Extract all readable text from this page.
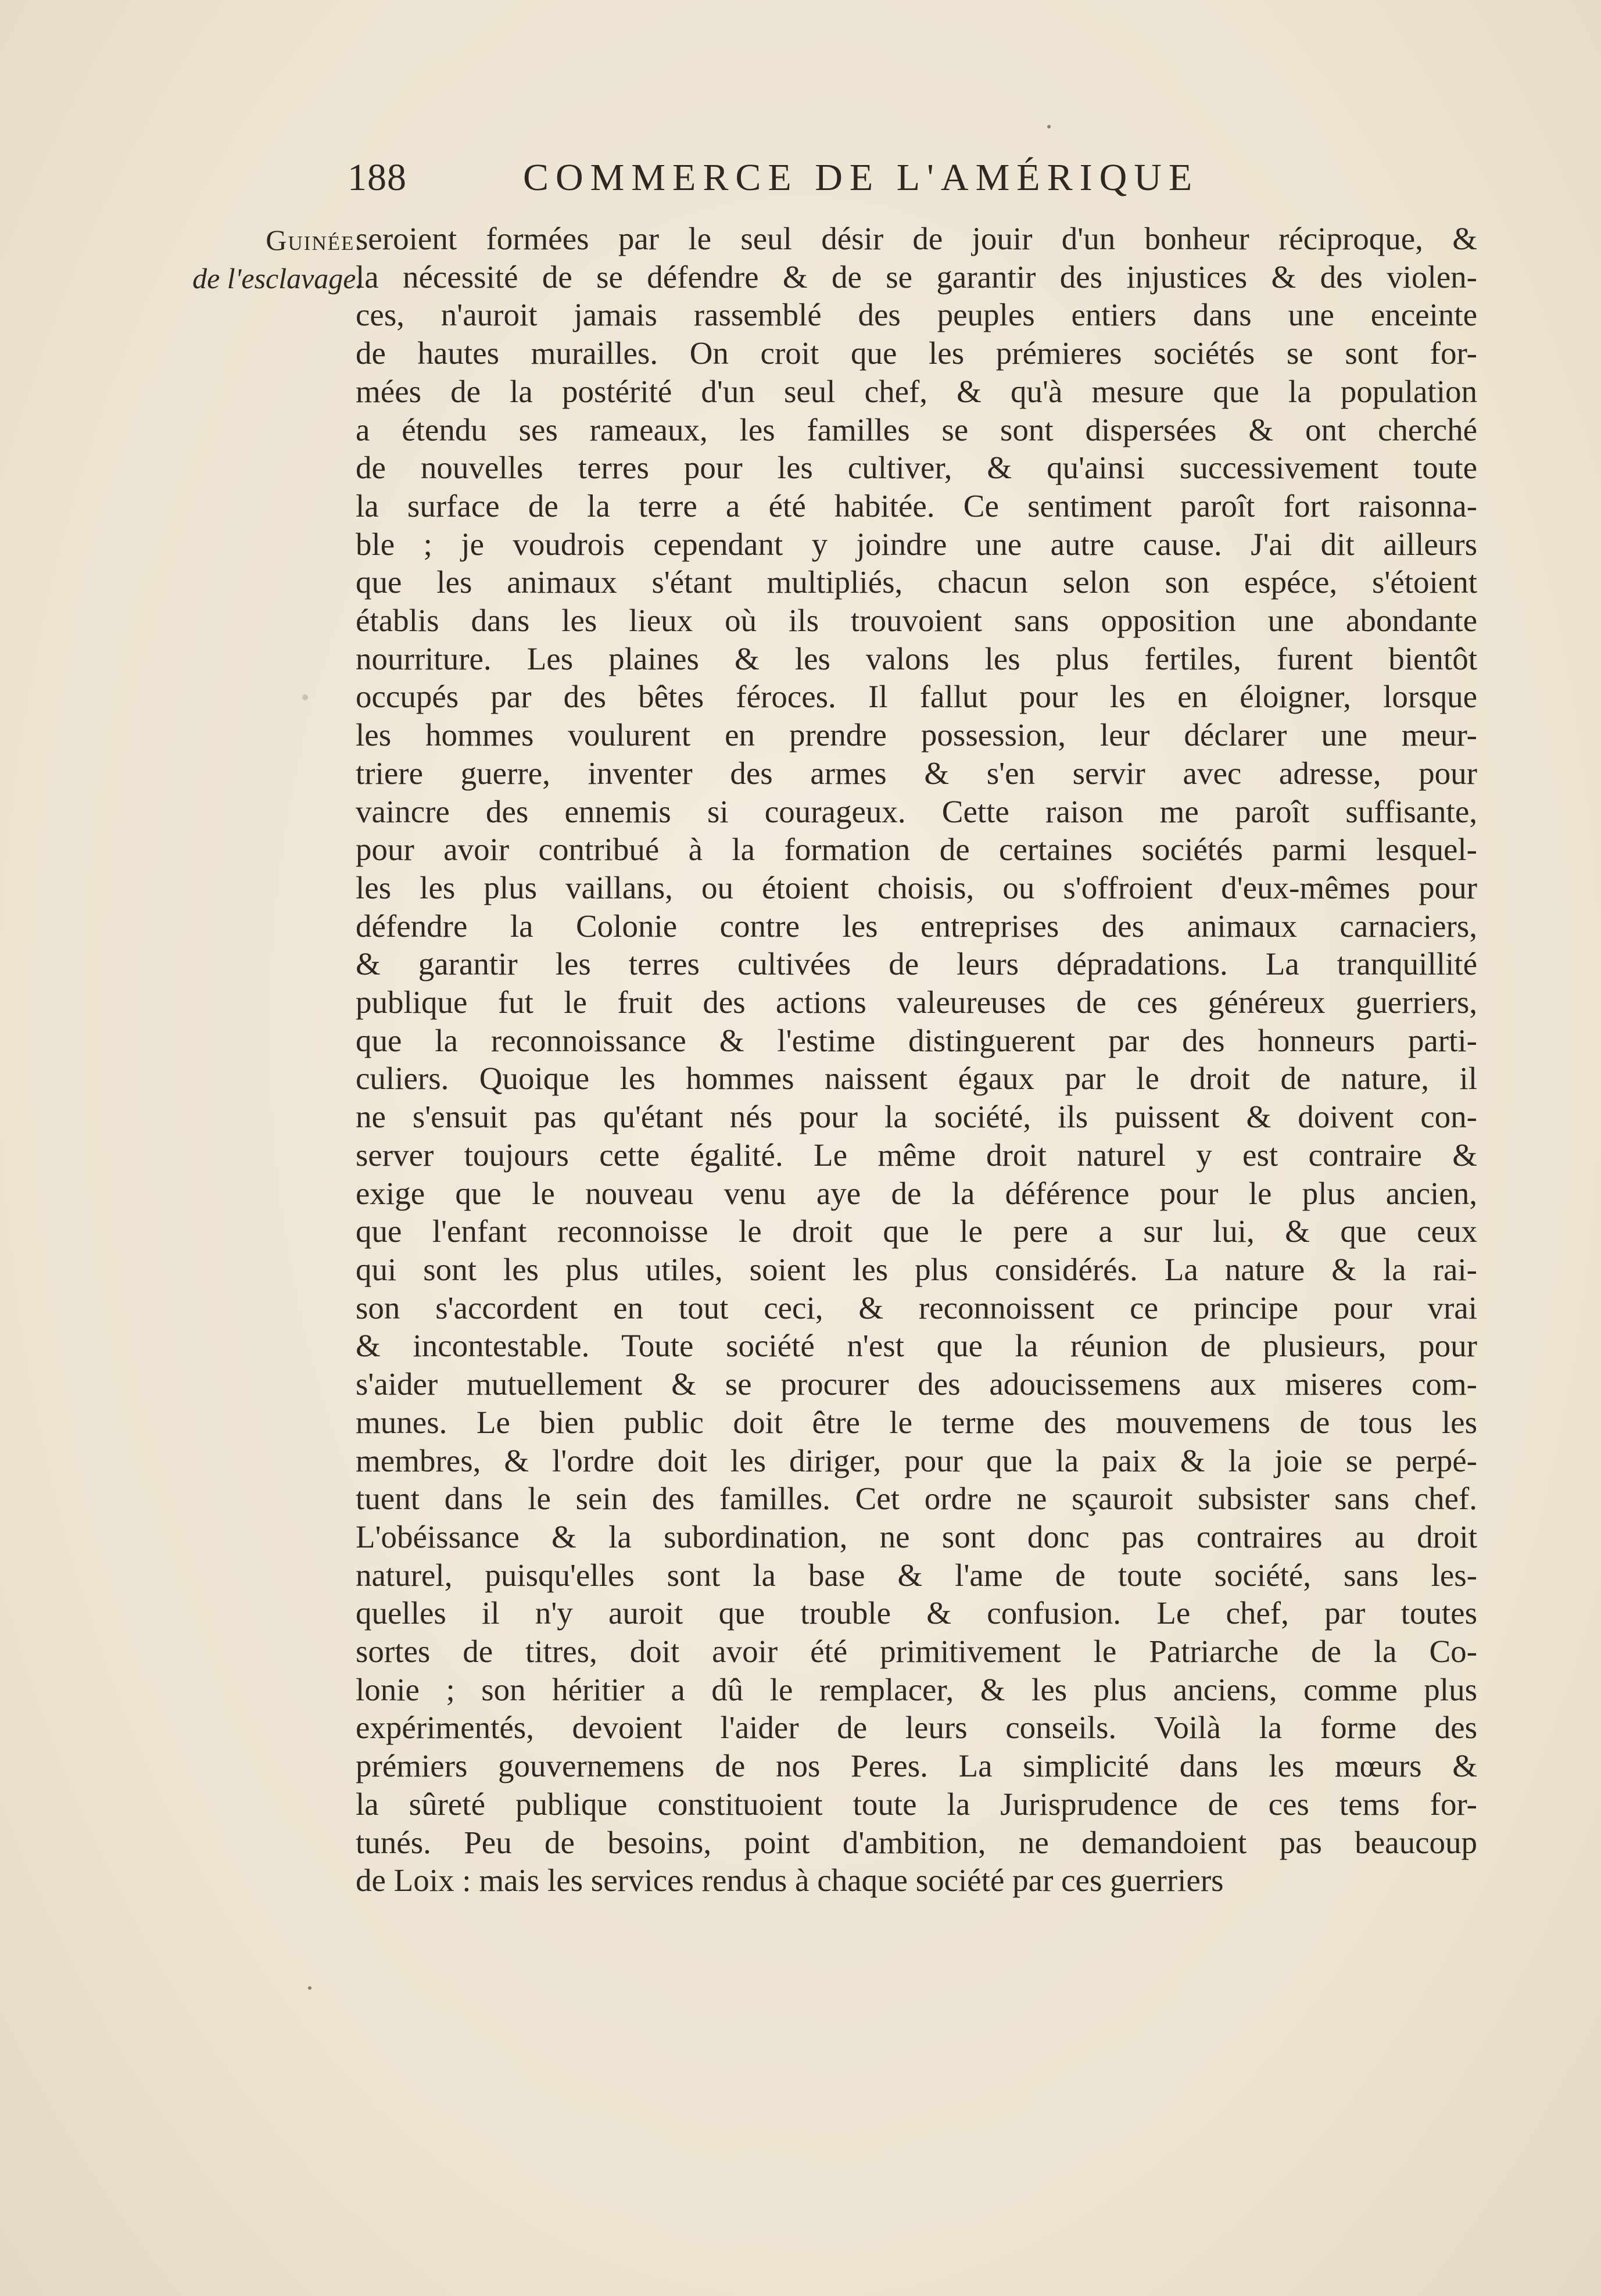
188	COMMERCE DE L'AMÉRIQUE
Guinée.
de l'esclavage.
seroient formées par le seul désir de jouir d'un bonheur réciproque, &
la nécessité de se défendre & de se garantir des injustices & des violen-
ces, n'auroit jamais rassemblé des peuples entiers dans une enceinte
de hautes murailles. On croit que les prémieres sociétés se sont for-
mées de la postérité d'un seul chef, & qu'à mesure que la population
a étendu ses rameaux, les familles se sont dispersées & ont cherché
de nouvelles terres pour les cultiver, & qu'ainsi successivement toute
la surface de la terre a été habitée. Ce sentiment paroît fort raisonna-
ble ; je voudrois cependant y joindre une autre cause. J'ai dit ailleurs
que les animaux s'étant multipliés, chacun selon son espéce, s'étoient
établis dans les lieux où ils trouvoient sans opposition une abondante
nourriture. Les plaines & les valons les plus fertiles, furent bientôt
occupés par des bêtes féroces. Il fallut pour les en éloigner, lorsque
les hommes voulurent en prendre possession, leur déclarer une meur-
triere guerre, inventer des armes & s'en servir avec adresse, pour
vaincre des ennemis si courageux. Cette raison me paroît suffisante,
pour avoir contribué à la formation de certaines sociétés parmi lesquel-
les les plus vaillans, ou étoient choisis, ou s'offroient d'eux-mêmes pour
défendre la Colonie contre les entreprises des animaux carnaciers,
& garantir les terres cultivées de leurs dépradations. La tranquillité
publique fut le fruit des actions valeureuses de ces généreux guerriers,
que la reconnoissance & l'estime distinguerent par des honneurs parti-
culiers. Quoique les hommes naissent égaux par le droit de nature, il
ne s'ensuit pas qu'étant nés pour la société, ils puissent & doivent con-
server toujours cette égalité. Le même droit naturel y est contraire &
exige que le nouveau venu aye de la déférence pour le plus ancien,
que l'enfant reconnoisse le droit que le pere a sur lui, & que ceux
qui sont les plus utiles, soient les plus considérés. La nature & la rai-
son s'accordent en tout ceci, & reconnoissent ce principe pour vrai
& incontestable. Toute société n'est que la réunion de plusieurs, pour
s'aider mutuellement & se procurer des adoucissemens aux miseres com-
munes. Le bien public doit être le terme des mouvemens de tous les
membres, & l'ordre doit les diriger, pour que la paix & la joie se perpé-
tuent dans le sein des familles. Cet ordre ne sçauroit subsister sans chef.
L'obéissance & la subordination, ne sont donc pas contraires au droit
naturel, puisqu'elles sont la base & l'ame de toute société, sans les-
quelles il n'y auroit que trouble & confusion. Le chef, par toutes
sortes de titres, doit avoir été primitivement le Patriarche de la Co-
lonie ; son héritier a dû le remplacer, & les plus anciens, comme plus
expérimentés, devoient l'aider de leurs conseils. Voilà la forme des
prémiers gouvernemens de nos Peres. La simplicité dans les mœurs &
la sûreté publique constituoient toute la Jurisprudence de ces tems for-
tunés. Peu de besoins, point d'ambition, ne demandoient pas beaucoup
de Loix : mais les services rendus à chaque société par ces guerriers
